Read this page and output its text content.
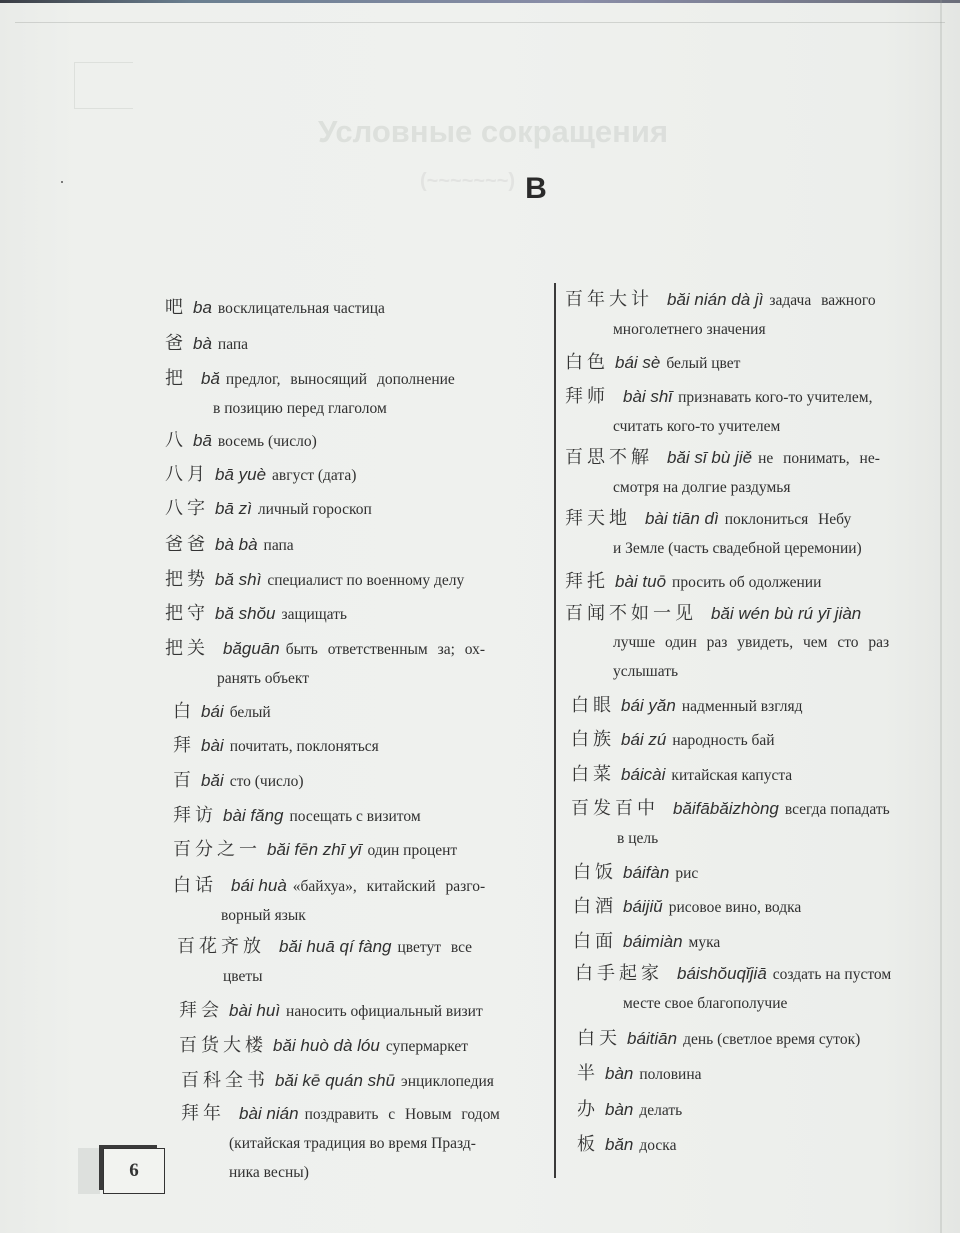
Условные сокращения
(~~~~~~~) B
吧 ba восклицательная частица
爸 bà папа
把 bă предлог, выносящий дополнение
в позицию перед глаголом
八 bā восемь (число)
八月 bā yuè август (дата)
八字 bā zì личный гороскоп
爸爸 bà bà папа
把势 bă shì специалист по военному делу
把守 bă shŏu защищать
把关 băguān быть ответственным за; ох-
ранять объект
白 bái белый
拜 bài почитать, поклоняться
百 băi сто (число)
拜访 bài făng посещать с визитом
百分之一 băi fēn zhī yī один процент
白话 bái huà «байхуа», китайский разго-
ворный язык
百花齐放 băi huā qí fàng цветут все
цветы
拜会 bài huì наносить официальный визит
百货大楼 băi huò dà lóu супермаркет
百科全书 băi kē quán shū энциклопедия
拜年 bài nián поздравить с Новым годом
(китайская традиция во время Празд-
ника весны)
百年大计 băi nián dà jì задача важного
многолетнего значения
白色 bái sè белый цвет
拜师 bài shī признавать кого-то учителем,
считать кого-то учителем
百思不解 băi sī bù jiě не понимать, не-
смотря на долгие раздумья
拜天地 bài tiān dì поклониться Небу
и Земле (часть свадебной церемонии)
拜托 bài tuō просить об одолжении
百闻不如一见 băi wén bù rú yī jiàn
лучше один раз увидеть, чем сто раз
услышать
白眼 bái yăn надменный взгляд
白族 bái zú народность бай
白菜 báicài китайская капуста
百发百中 băifābăizhòng всегда попадать
в цель
白饭 báifàn рис
白酒 báijiŭ рисовое вино, водка
白面 báimiàn мука
白手起家 báishŏuqĭjiā создать на пустом
месте свое благополучие
白天 báitiān день (светлое время суток)
半 bàn половина
办 bàn делать
板 băn доска
6
